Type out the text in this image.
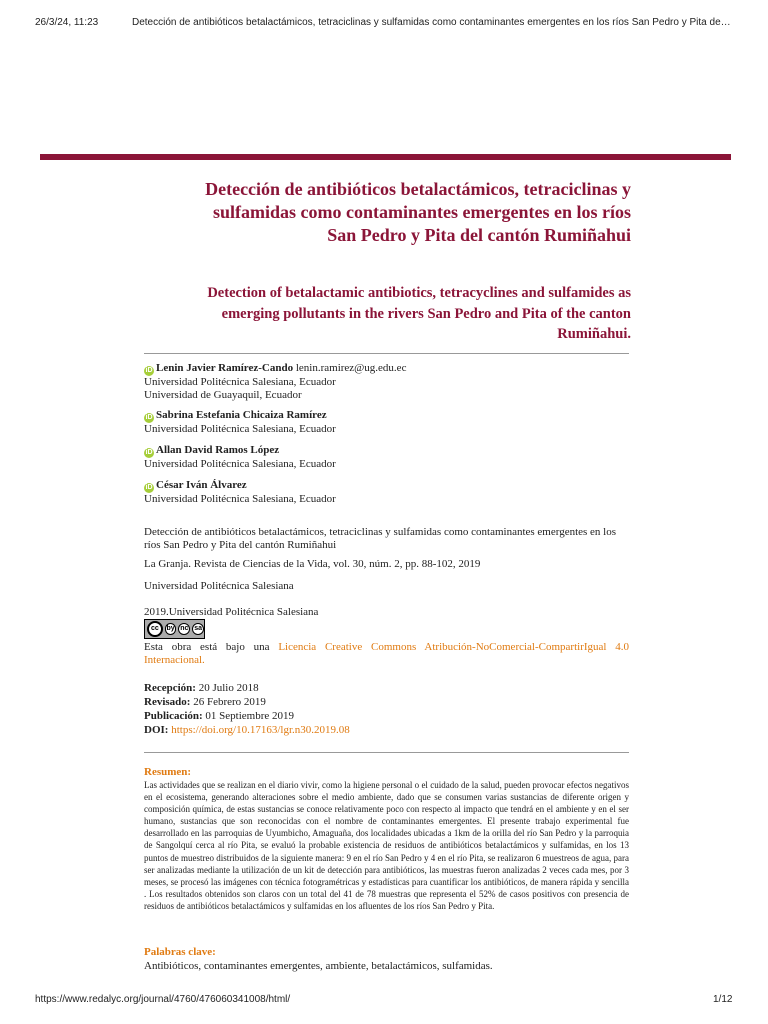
26/3/24, 11:23	Detección de antibióticos betalactámicos, tetraciclinas y sulfamidas como contaminantes emergentes en los ríos San Pedro y Pita de…
Detección de antibióticos betalactámicos, tetraciclinas y sulfamidas como contaminantes emergentes en los ríos San Pedro y Pita del cantón Rumiñahui
Detection of betalactamic antibiotics, tetracyclines and sulfamides as emerging pollutants in the rivers San Pedro and Pita of the canton Rumiñahui.
iD Lenin Javier Ramírez-Cando lenin.ramirez@ug.edu.ec
Universidad Politécnica Salesiana, Ecuador
Universidad de Guayaquil, Ecuador
iD Sabrina Estefania Chicaiza Ramírez
Universidad Politécnica Salesiana, Ecuador
iD Allan David Ramos López
Universidad Politécnica Salesiana, Ecuador
iD César Iván Álvarez
Universidad Politécnica Salesiana, Ecuador
Detección de antibióticos betalactámicos, tetraciclinas y sulfamidas como contaminantes emergentes en los ríos San Pedro y Pita del cantón Rumiñahui
La Granja. Revista de Ciencias de la Vida, vol. 30, núm. 2, pp. 88-102, 2019
Universidad Politécnica Salesiana
2019.Universidad Politécnica Salesiana
cc	by nc sa
Esta obra está bajo una Licencia Creative Commons Atribución-NoComercial-CompartirIgual 4.0 Internacional.
Recepción: 20 Julio 2018
Revisado: 26 Febrero 2019
Publicación: 01 Septiembre 2019
DOI: https://doi.org/10.17163/lgr.n30.2019.08
Resumen:
Las actividades que se realizan en el diario vivir, como la higiene personal o el cuidado de la salud, pueden provocar efectos negativos en el ecosistema, generando alteraciones sobre el medio ambiente, dado que se consumen varias sustancias de diferente origen y composición química, de estas sustancias se conoce relativamente poco con respecto al impacto que tendrá en el ambiente y en el ser humano, sustancias que son reconocidas con el nombre de contaminantes emergentes. El presente trabajo experimental fue desarrollado en las parroquias de Uyumbicho, Amaguaña, dos localidades ubicadas a 1km de la orilla del río San Pedro y la parroquia de Sangolquí cerca al río Pita, se evaluó la probable existencia de residuos de antibióticos betalactámicos y sulfamidas, en los 13 puntos de muestreo distribuidos de la siguiente manera: 9 en el río San Pedro y 4 en el río Pita, se realizaron 6 muestreos de agua, para ser analizadas mediante la utilización de un kit de detección para antibióticos, las muestras fueron analizadas 2 veces cada mes, por 3 meses, se procesó las imágenes con técnica fotogramétricas y estadísticas para cuantificar los antibióticos, de manera rápida y sencilla . Los resultados obtenidos son claros con un total del 41 de 78 muestras que representa el 52% de casos positivos con presencia de residuos de antibióticos betalactámicos y sulfamidas en los afluentes de los ríos San Pedro y Pita.
Palabras clave:
Antibióticos, contaminantes emergentes, ambiente, betalactámicos, sulfamidas.
https://www.redalyc.org/journal/4760/476060341008/html/	1/12
